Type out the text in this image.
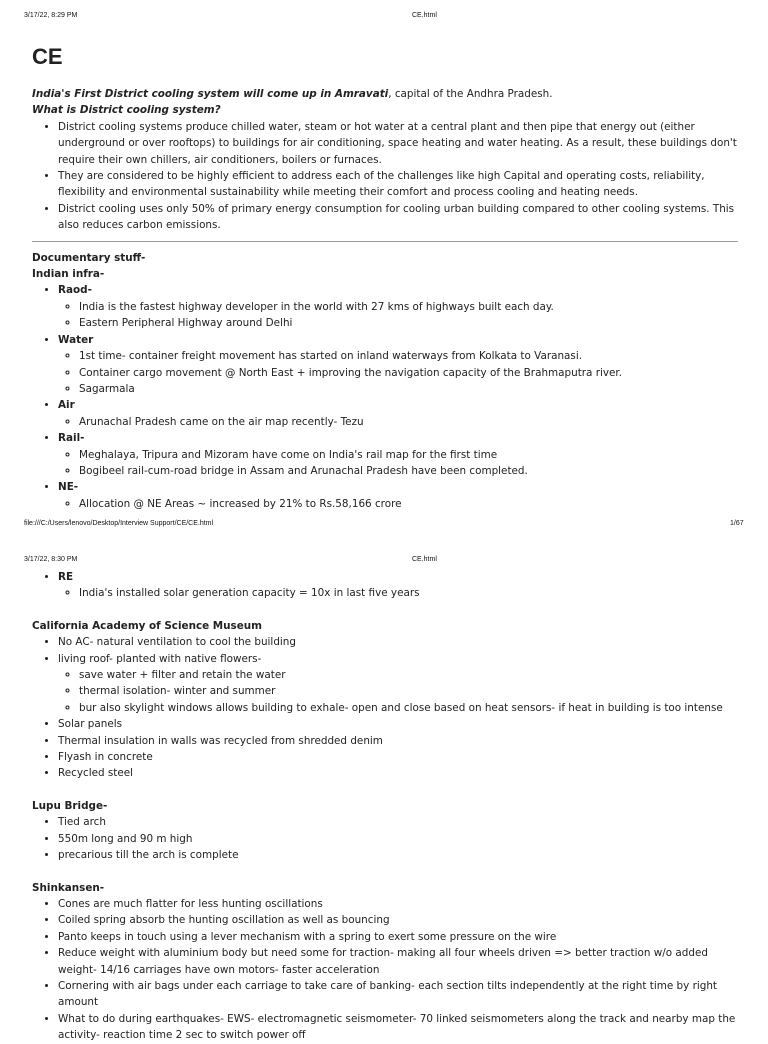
3/17/22, 8:29 PM	CE.html
CE

India's First District cooling system will come up in Amravati, capital of the Andhra Pradesh.

What is District cooling system?

• District cooling systems produce chilled water, steam or hot water at a central plant and then pipe that energy out (either underground or over rooftops) to buildings for air conditioning, space heating and water heating. As a result, these buildings don't require their own chillers, air conditioners, boilers or furnaces.
• They are considered to be highly efficient to address each of the challenges like high Capital and operating costs, reliability, flexibility and environmental sustainability while meeting their comfort and process cooling and heating needs.
• District cooling uses only 50% of primary energy consumption for cooling urban building compared to other cooling systems. This also reduces carbon emissions.

Documentary stuff-

Indian infra-

• Raod-
◦ India is the fastest highway developer in the world with 27 kms of highways built each day.
◦ Eastern Peripheral Highway around Delhi
• Water
◦ 1st time- container freight movement has started on inland waterways from Kolkata to Varanasi.
◦ Container cargo movement @ North East + improving the navigation capacity of the Brahmaputra river.
◦ Sagarmala
• Air
◦ Arunachal Pradesh came on the air map recently- Tezu
• Rail-
◦ Meghalaya, Tripura and Mizoram have come on India's rail map for the first time
◦ Bogibeel rail-cum-road bridge in Assam and Arunachal Pradesh have been completed.
• NE-
◦ Allocation @ NE Areas ~ increased by 21% to Rs.58,166 crore
file:///C:/Users/lenovo/Desktop/Interview Support/CE/CE.html	1/67
3/17/22, 8:30 PM	CE.html
• RE
◦ India's installed solar generation capacity = 10x in last five years

California Academy of Science Museum

• No AC- natural ventilation to cool the building
• living roof- planted with native flowers-
◦ save water + filter and retain the water
◦ thermal isolation- winter and summer
◦ bur also skylight windows allows building to exhale- open and close based on heat sensors- if heat in building is too intense
• Solar panels
• Thermal insulation in walls was recycled from shredded denim
• Flyash in concrete
• Recycled steel

Lupu Bridge-

• Tied arch
• 550m long and 90 m high
• precarious till the arch is complete

Shinkansen-

• Cones are much flatter for less hunting oscillations
• Coiled spring absorb the hunting oscillation as well as bouncing
• Panto keeps in touch using a lever mechanism with a spring to exert some pressure on the wire
• Reduce weight with aluminium body but need some for traction- making all four wheels driven => better traction w/o added weight- 14/16 carriages have own motors- faster acceleration
• Cornering with air bags under each carriage to take care of banking- each section tilts independently at the right time by right amount
• What to do during earthquakes- EWS- electromagnetic seismometer- 70 linked seismometers along the track and nearby map the activity- reaction time 2 sec to switch power off
